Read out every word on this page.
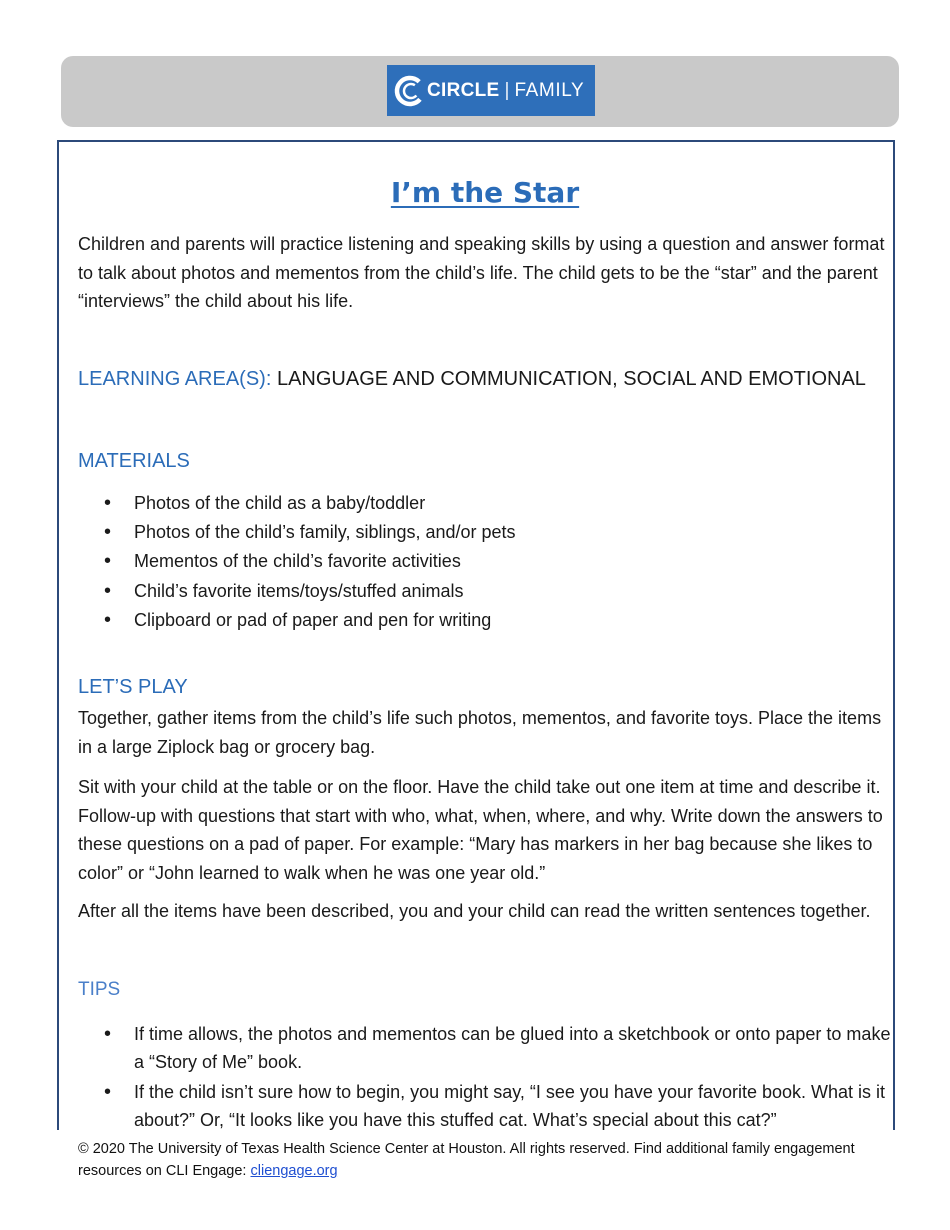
CIRCLE | FAMILY
I’m the Star

Children and parents will practice listening and speaking skills by using a question and answer format to talk about photos and mementos from the child’s life. The child gets to be the “star” and the parent “interviews” the child about his life.

LEARNING AREA(S): LANGUAGE AND COMMUNICATION, SOCIAL AND EMOTIONAL
MATERIALS
• Photos of the child as a baby/toddler
• Photos of the child’s family, siblings, and/or pets
• Mementos of the child’s favorite activities
• Child’s favorite items/toys/stuffed animals
• Clipboard or pad of paper and pen for writing
LET’S PLAY

Together, gather items from the child’s life such photos, mementos, and favorite toys. Place the items in a large Ziplock bag or grocery bag.

Sit with your child at the table or on the floor. Have the child take out one item at time and describe it. Follow-up with questions that start with who, what, when, where, and why. Write down the answers to these questions on a pad of paper. For example: “Mary has markers in her bag because she likes to color” or “John learned to walk when he was one year old.”

After all the items have been described, you and your child can read the written sentences together.

TIPS
• If time allows, the photos and mementos can be glued into a sketchbook or onto paper to make a “Story of Me” book.
• If the child isn’t sure how to begin, you might say, “I see you have your favorite book. What is it about?” Or, “It looks like you have this stuffed cat. What’s special about this cat?”

© 2020 The University of Texas Health Science Center at Houston. All rights reserved. Find additional family engagement resources on CLI Engage: cliengage.org
